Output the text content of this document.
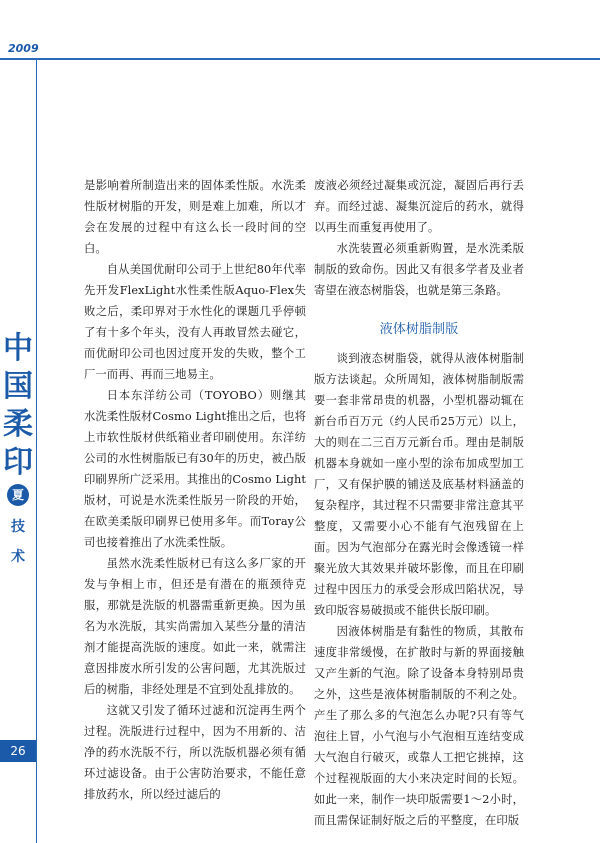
2009
中
国
柔
印
夏
技
术
26

是影响着所制造出来的固体柔性版。水洗柔性版材树脂的开发，则是难上加难，所以才会在发展的过程中有这么长一段时间的空白。

自从美国优耐印公司于上世纪80年代率先开发FlexLight水性柔性版Aquo-Flex失败之后，柔印界对于水性化的课题几乎停顿了有十多个年头，没有人再敢冒然去碰它，而优耐印公司也因过度开发的失败，整个工厂一而再、再而三地易主。

日本东洋纺公司（TOYOBO）则继其水洗柔性版材Cosmo Light推出之后，也将上市软性版材供纸箱业者印刷使用。东洋纺公司的水性树脂版已有30年的历史，被凸版印刷界所广泛采用。其推出的Cosmo Light版材，可说是水洗柔性版另一阶段的开始，在欧美柔版印刷界已使用多年。而Toray公司也接着推出了水洗柔性版。

虽然水洗柔性版材已有这么多厂家的开发与争相上市，但还是有潜在的瓶颈待克服，那就是洗版的机器需重新更换。因为虽名为水洗版，其实尚需加入某些分量的清洁剂才能提高洗版的速度。如此一来，就需注意因排废水所引发的公害问题，尤其洗版过后的树脂，非经处理是不宜到处乱排放的。

这就又引发了循环过滤和沉淀再生两个过程。洗版进行过程中，因为不用新的、洁净的药水洗版不行，所以洗版机器必须有循环过滤设备。由于公害防治要求，不能任意排放药水，所以经过滤后的

废液必须经过凝集或沉淀，凝固后再行丢弃。而经过滤、凝集沉淀后的药水，就得以再生而重复再使用了。

水洗装置必须重新购置，是水洗柔版制版的致命伤。因此又有很多学者及业者寄望在液态树脂袋，也就是第三条路。

液体树脂制版

谈到液态树脂袋，就得从液体树脂制版方法谈起。众所周知，液体树脂制版需要一套非常昂贵的机器，小型机器动辄在新台币百万元（约人民币25万元）以上，大的则在二三百万元新台币。理由是制版机器本身就如一座小型的涂布加成型加工厂，又有保护膜的铺送及底基材料涵盖的复杂程序，其过程不只需要非常注意其平整度，又需要小心不能有气泡残留在上面。因为气泡部分在露光时会像透镜一样聚光放大其效果并破坏影像，而且在印刷过程中因压力的承受会形成凹陷状况，导致印版容易破损或不能供长版印刷。

因液体树脂是有黏性的物质，其散布速度非常缓慢，在扩散时与新的界面接触又产生新的气泡。除了设备本身特别昂贵之外，这些是液体树脂制版的不利之处。产生了那么多的气泡怎么办呢?只有等气泡往上冒，小气泡与小气泡相互连结变成大气泡自行破灭，或靠人工把它挑掉，这个过程视版面的大小来决定时间的长短。如此一来，制作一块印版需要1～2小时，而且需保证制好版之后的平整度，在印版
